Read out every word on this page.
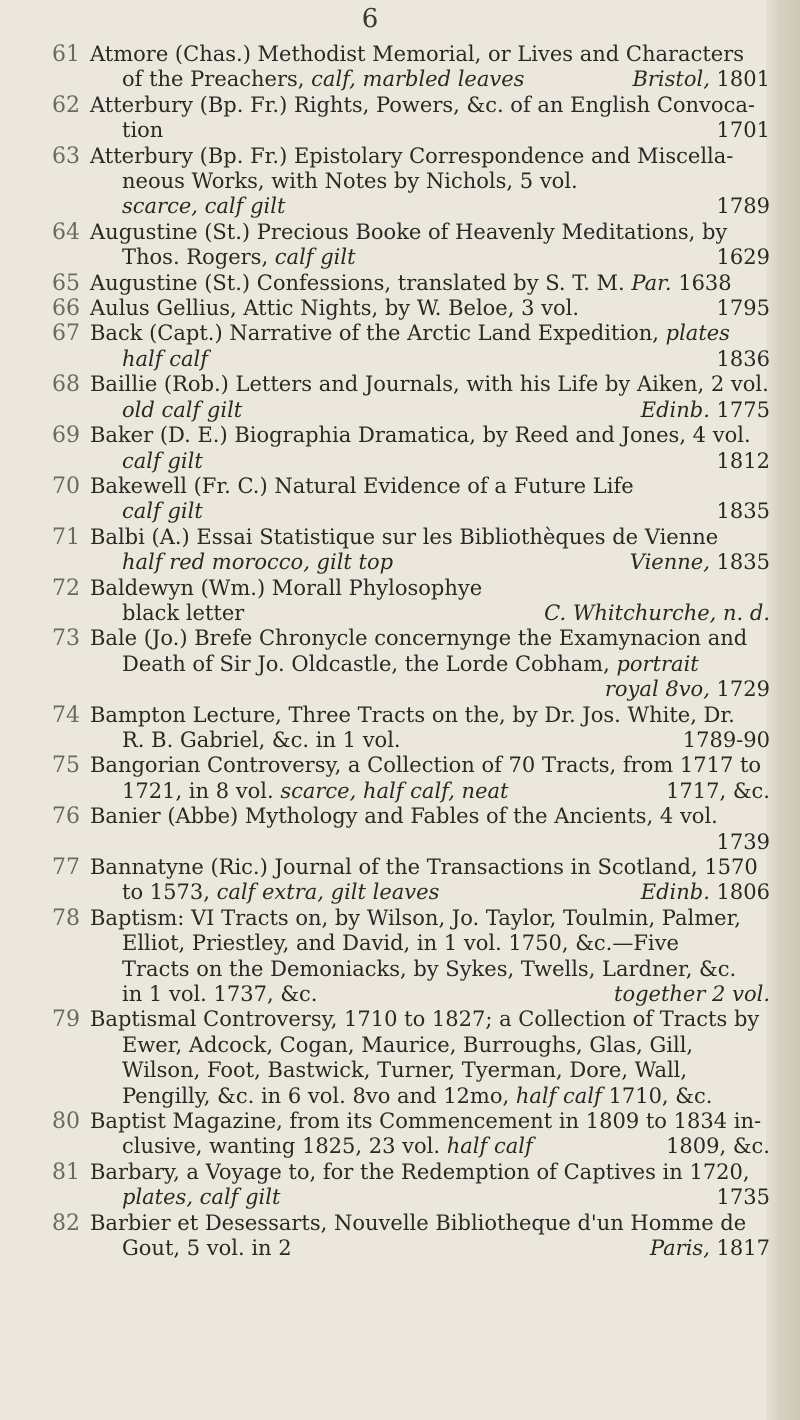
6
61 Atmore (Chas.) Methodist Memorial, or Lives and Characters
of the Preachers, calf, marbled leaves	Bristol, 1801
62 Atterbury (Bp. Fr.) Rights, Powers, &c. of an English Convoca-
tion	1701
63 Atterbury (Bp. Fr.) Epistolary Correspondence and Miscella-
neous Works, with Notes by Nichols, 5 vol.
scarce, calf gilt	1789
64 Augustine (St.) Precious Booke of Heavenly Meditations, by
Thos. Rogers, calf gilt	1629
65 Augustine (St.) Confessions, translated by S. T. M. Par. 1638
66 Aulus Gellius, Attic Nights, by W. Beloe, 3 vol.	1795
67 Back (Capt.) Narrative of the Arctic Land Expedition, plates
half calf	1836
68 Baillie (Rob.) Letters and Journals, with his Life by Aiken, 2 vol.
old calf gilt	Edinb. 1775
69 Baker (D. E.) Biographia Dramatica, by Reed and Jones, 4 vol.
calf gilt	1812
70 Bakewell (Fr. C.) Natural Evidence of a Future Life
calf gilt	1835
71 Balbi (A.) Essai Statistique sur les Bibliothèques de Vienne
half red morocco, gilt top	Vienne, 1835
72 Baldewyn (Wm.) Morall Phylosophye
black letter	C. Whitchurche, n. d.
73 Bale (Jo.) Brefe Chronycle concernynge the Examynacion and
Death of Sir Jo. Oldcastle, the Lorde Cobham, portrait
royal 8vo, 1729
74 Bampton Lecture, Three Tracts on the, by Dr. Jos. White, Dr.
R. B. Gabriel, &c. in 1 vol.	1789-90
75 Bangorian Controversy, a Collection of 70 Tracts, from 1717 to
1721, in 8 vol. scarce, half calf, neat	1717, &c.
76 Banier (Abbe) Mythology and Fables of the Ancients, 4 vol.
1739
77 Bannatyne (Ric.) Journal of the Transactions in Scotland, 1570
to 1573, calf extra, gilt leaves	Edinb. 1806
78 Baptism: VI Tracts on, by Wilson, Jo. Taylor, Toulmin, Palmer,
Elliot, Priestley, and David, in 1 vol. 1750, &c.—Five
Tracts on the Demoniacks, by Sykes, Twells, Lardner, &c.
in 1 vol. 1737, &c.	together 2 vol.
79 Baptismal Controversy, 1710 to 1827; a Collection of Tracts by
Ewer, Adcock, Cogan, Maurice, Burroughs, Glas, Gill,
Wilson, Foot, Bastwick, Turner, Tyerman, Dore, Wall,
Pengilly, &c. in 6 vol. 8vo and 12mo, half calf 1710, &c.
80 Baptist Magazine, from its Commencement in 1809 to 1834 in-
clusive, wanting 1825, 23 vol. half calf	1809, &c.
81 Barbary, a Voyage to, for the Redemption of Captives in 1720,
plates, calf gilt	1735
82 Barbier et Desessarts, Nouvelle Bibliotheque d'un Homme de
Gout, 5 vol. in 2	Paris, 1817
